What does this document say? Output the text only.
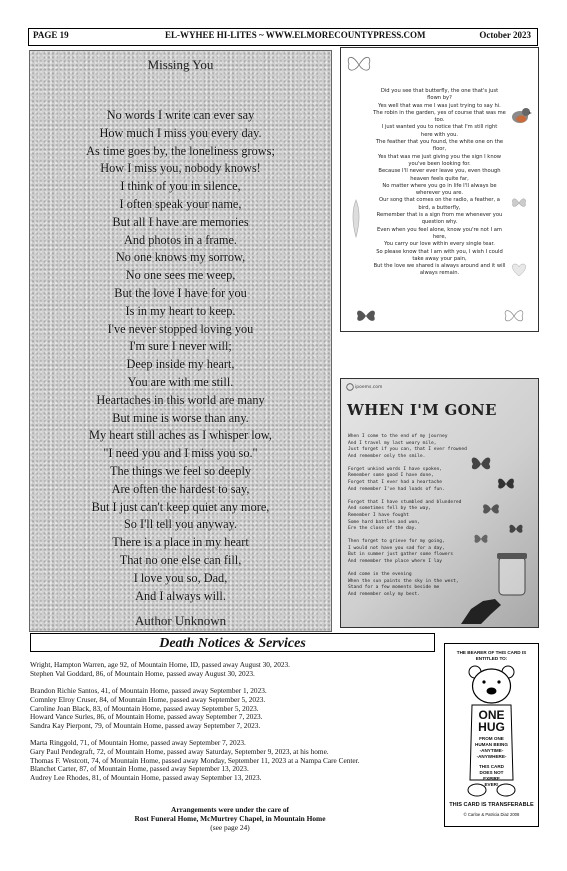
PAGE 19	EL-WYHEE HI-LITES ~ WWW.ELMORECOUNTYPRESS.COM	October 2023
Missing You
No words I write can ever say
How much I miss you every day.
As time goes by, the loneliness grows;
How I miss you, nobody knows!
I think of you in silence,
I often speak your name,
But all I have are memories
And photos in a frame.
No one knows my sorrow,
No one sees me weep,
But the love I have for you
Is in my heart to keep.
I've never stopped loving you
I'm sure I never will;
Deep inside my heart,
You are with me still.
Heartaches in this world are many
But mine is worse than any.
My heart still aches as I whisper low,
"I need you and I miss you so."
The things we feel so deeply
Are often the hardest to say,
But I just can't keep quiet any more,
So I'll tell you anyway.
There is a place in my heart
That no one else can fill,
I love you so, Dad,
And I always will.
Author Unknown
Did you see that butterfly, the one that's just
flown by?
Yes well that was me I was just trying to say hi.
The robin in the garden, yes of course that was me
too.
I just wanted you to notice that I'm still right
here with you.
The feather that you found, the white one on the
floor,
Yes that was me just giving you the sign I know
you've been looking for.
Because I'll never ever leave you, even though
heaven feels quite far,
No matter where you go in life I'll always be
wherever you are.
Our song that comes on the radio, a feather, a
bird, a butterfly,
Remember that is a sign from me whenever you
question why.
Even when you feel alone, know you're not I am
here,
You carry our love within every single tear.
So please know that I am with you, I wish I could
take away your pain,
But the love we shared is always around and it will
always remain.
ipoems.com
WHEN I'M GONE
When I come to the end of my journey
And I travel my last weary mile,
Just forget if you can, that I ever frowned
And remember only the smile.
Forget unkind words I have spoken,
Remember some good I have done,
Forget that I ever had a heartache
And remember I've had loads of fun.
Forget that I have stumbled and blundered
And sometimes fell by the way,
Remember I have fought
Some hard battles and won,
Ere the close of the day.
Then forget to grieve for my going,
I would not have you sad for a day,
But in summer just gather some flowers
And remember the place where I lay
And come in the evening
When the sun paints the sky in the west,
Stand for a few moments beside me
And remember only my best.
Death Notices & Services
Wright, Hampton Warren, age 92, of Mountain Home, ID, passed away August 30, 2023.
Stephen Val Goddard, 86, of Mountain Home, passed away August 30, 2023.
Brandon Richie Santos, 41, of Mountain Home, passed away September 1, 2023.
Comnley Elroy Cruser, 84, of Mountain Home, passed away September 5, 2023.
Caroline Joan Black, 83, of Mountain Home, passed away September 5, 2023.
Howard Vance Surles, 86, of Mountain Home, passed away September 7, 2023.
Sandra Kay Pierpont, 79, of Mountain Home, passed away September 7, 2023.
Marta Ringgold, 71, of Mountain Home, passed away September 7, 2023.
Gary Paul Pendegraft, 72, of Mountain Home, passed away Saturday, September 9, 2023, at his home.
Thomas F. Westcott, 74, of Mountain Home, passed away Monday, September 11, 2023 at a Nampa Care Center.
Blanchet Carter, 87, of Mountain Home, passed away September 13, 2023.
Audrey Lee Rhodes, 81, of Mountain Home, passed away September 13, 2023.
Arrangements were under the care of
Rost Funeral Home, McMurtrey Chapel, in Mountain Home
(see page 24)
THE BEARER OF THIS CARD IS ENTITLED TO:
ONE
HUG
FROM ONE
HUMAN BEING
-ANYTIME-
-ANYWHERE-
THIS CARD
DOES NOT
EXPIRE
EVER!
THIS CARD IS TRANSFERABLE
© Carloe & Patricia Diaz 2008
